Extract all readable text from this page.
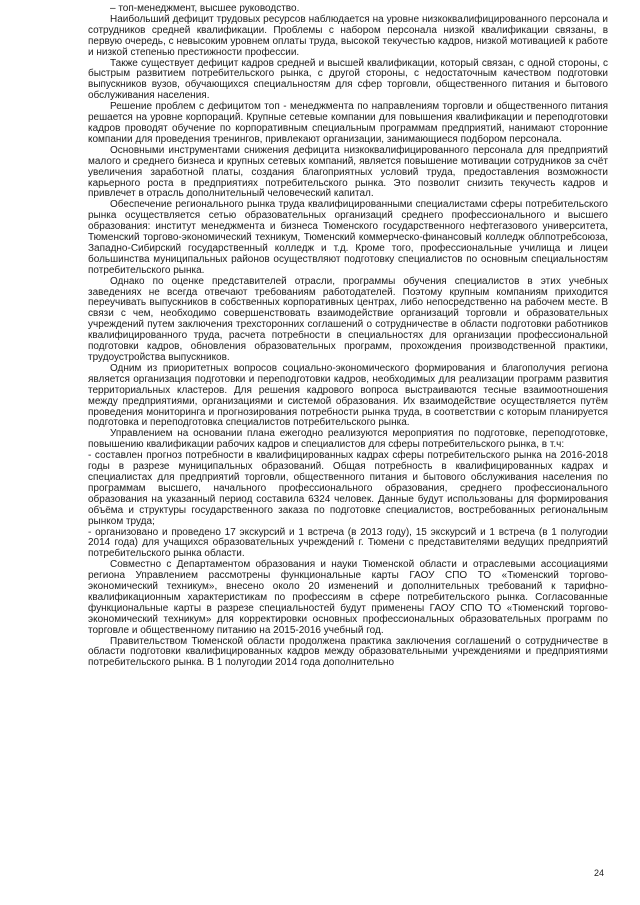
– топ-менеджмент, высшее руководство.

Наибольший дефицит трудовых ресурсов наблюдается на уровне низкоквалифицированного персонала и сотрудников средней квалификации. Проблемы с набором персонала низкой квалификации связаны, в первую очередь, с невысоким уровнем оплаты труда, высокой текучестью кадров, низкой мотивацией к работе и низкой степенью престижности профессии.

Также существует дефицит кадров средней и высшей квалификации, который связан, с одной стороны, с быстрым развитием потребительского рынка, с другой стороны, с недостаточным качеством подготовки выпускников вузов, обучающихся специальностям для сфер торговли, общественного питания и бытового обслуживания населения.

Решение проблем с дефицитом топ - менеджмента по направлениям торговли и общественного питания решается на уровне корпораций. Крупные сетевые компании для повышения квалификации и переподготовки кадров проводят обучение по корпоративным специальным программам предприятий, нанимают сторонние компании для проведения тренингов, привлекают организации, занимающиеся подбором персонала.

Основными инструментами снижения дефицита низкоквалифицированного персонала для предприятий малого и среднего бизнеса и крупных сетевых компаний, является повышение мотивации сотрудников за счёт увеличения заработной платы, создания благоприятных условий труда, предоставления возможности карьерного роста в предприятиях потребительского рынка. Это позволит снизить текучесть кадров и привлечет в отрасль дополнительный человеческий капитал.

Обеспечение регионального рынка труда квалифицированными специалистами сферы потребительского рынка осуществляется сетью образовательных организаций среднего профессионального и высшего образования: институт менеджмента и бизнеса Тюменского государственного нефтегазового университета, Тюменский торгово-экономический техникум, Тюменский коммерческо-финансовый колледж облпотребсоюза, Западно-Сибирский государственный колледж и т.д. Кроме того, профессиональные училища и лицеи большинства муниципальных районов осуществляют подготовку специалистов по основным специальностям потребительского рынка.

Однако по оценке представителей отрасли, программы обучения специалистов в этих учебных заведениях не всегда отвечают требованиям работодателей. Поэтому крупным компаниям приходится переучивать выпускников в собственных корпоративных центрах, либо непосредственно на рабочем месте. В связи с чем, необходимо совершенствовать взаимодействие организаций торговли и образовательных учреждений путем заключения трехсторонних соглашений о сотрудничестве в области подготовки работников квалифицированного труда, расчета потребности в специальностях для организации профессиональной подготовки кадров, обновления образовательных программ, прохождения производственной практики, трудоустройства выпускников.

Одним из приоритетных вопросов социально-экономического формирования и благополучия региона является организация подготовки и переподготовки кадров, необходимых для реализации программ развития территориальных кластеров. Для решения кадрового вопроса выстраиваются тесные взаимоотношения между предприятиями, организациями и системой образования. Их взаимодействие осуществляется путём проведения мониторинга и прогнозирования потребности рынка труда, в соответствии с которым планируется подготовка и переподготовка специалистов потребительского рынка.

Управлением на основании плана ежегодно реализуются мероприятия по подготовке, переподготовке, повышению квалификации рабочих кадров и специалистов для сферы потребительского рынка, в т.ч:

- составлен прогноз потребности в квалифицированных кадрах сферы потребительского рынка на 2016-2018 годы в разрезе муниципальных образований. Общая потребность в квалифицированных кадрах и специалистах для предприятий торговли, общественного питания и бытового обслуживания населения по программам высшего, начального профессионального образования, среднего профессионального образования на указанный период составила 6324 человек. Данные будут использованы для формирования объёма и структуры государственного заказа по подготовке специалистов, востребованных региональным рынком труда;

- организовано и проведено 17 экскурсий и 1 встреча (в 2013 году), 15 экскурсий и 1 встреча (в 1 полугодии 2014 года) для учащихся образовательных учреждений г. Тюмени с представителями ведущих предприятий потребительского рынка области.

Совместно с Департаментом образования и науки Тюменской области и отраслевыми ассоциациями региона Управлением рассмотрены функциональные карты ГАОУ СПО ТО «Тюменский торгово-экономический техникум», внесено около 20 изменений и дополнительных требований к тарифно-квалификационным характеристикам по профессиям в сфере потребительского рынка. Согласованные функциональные карты в разрезе специальностей будут применены ГАОУ СПО ТО «Тюменский торгово-экономический техникум» для корректировки основных профессиональных образовательных программ по торговле и общественному питанию на 2015-2016 учебный год.

Правительством Тюменской области продолжена практика заключения соглашений о сотрудничестве в области подготовки квалифицированных кадров между образовательными учреждениями и предприятиями потребительского рынка. В 1 полугодии 2014 года дополнительно

24
